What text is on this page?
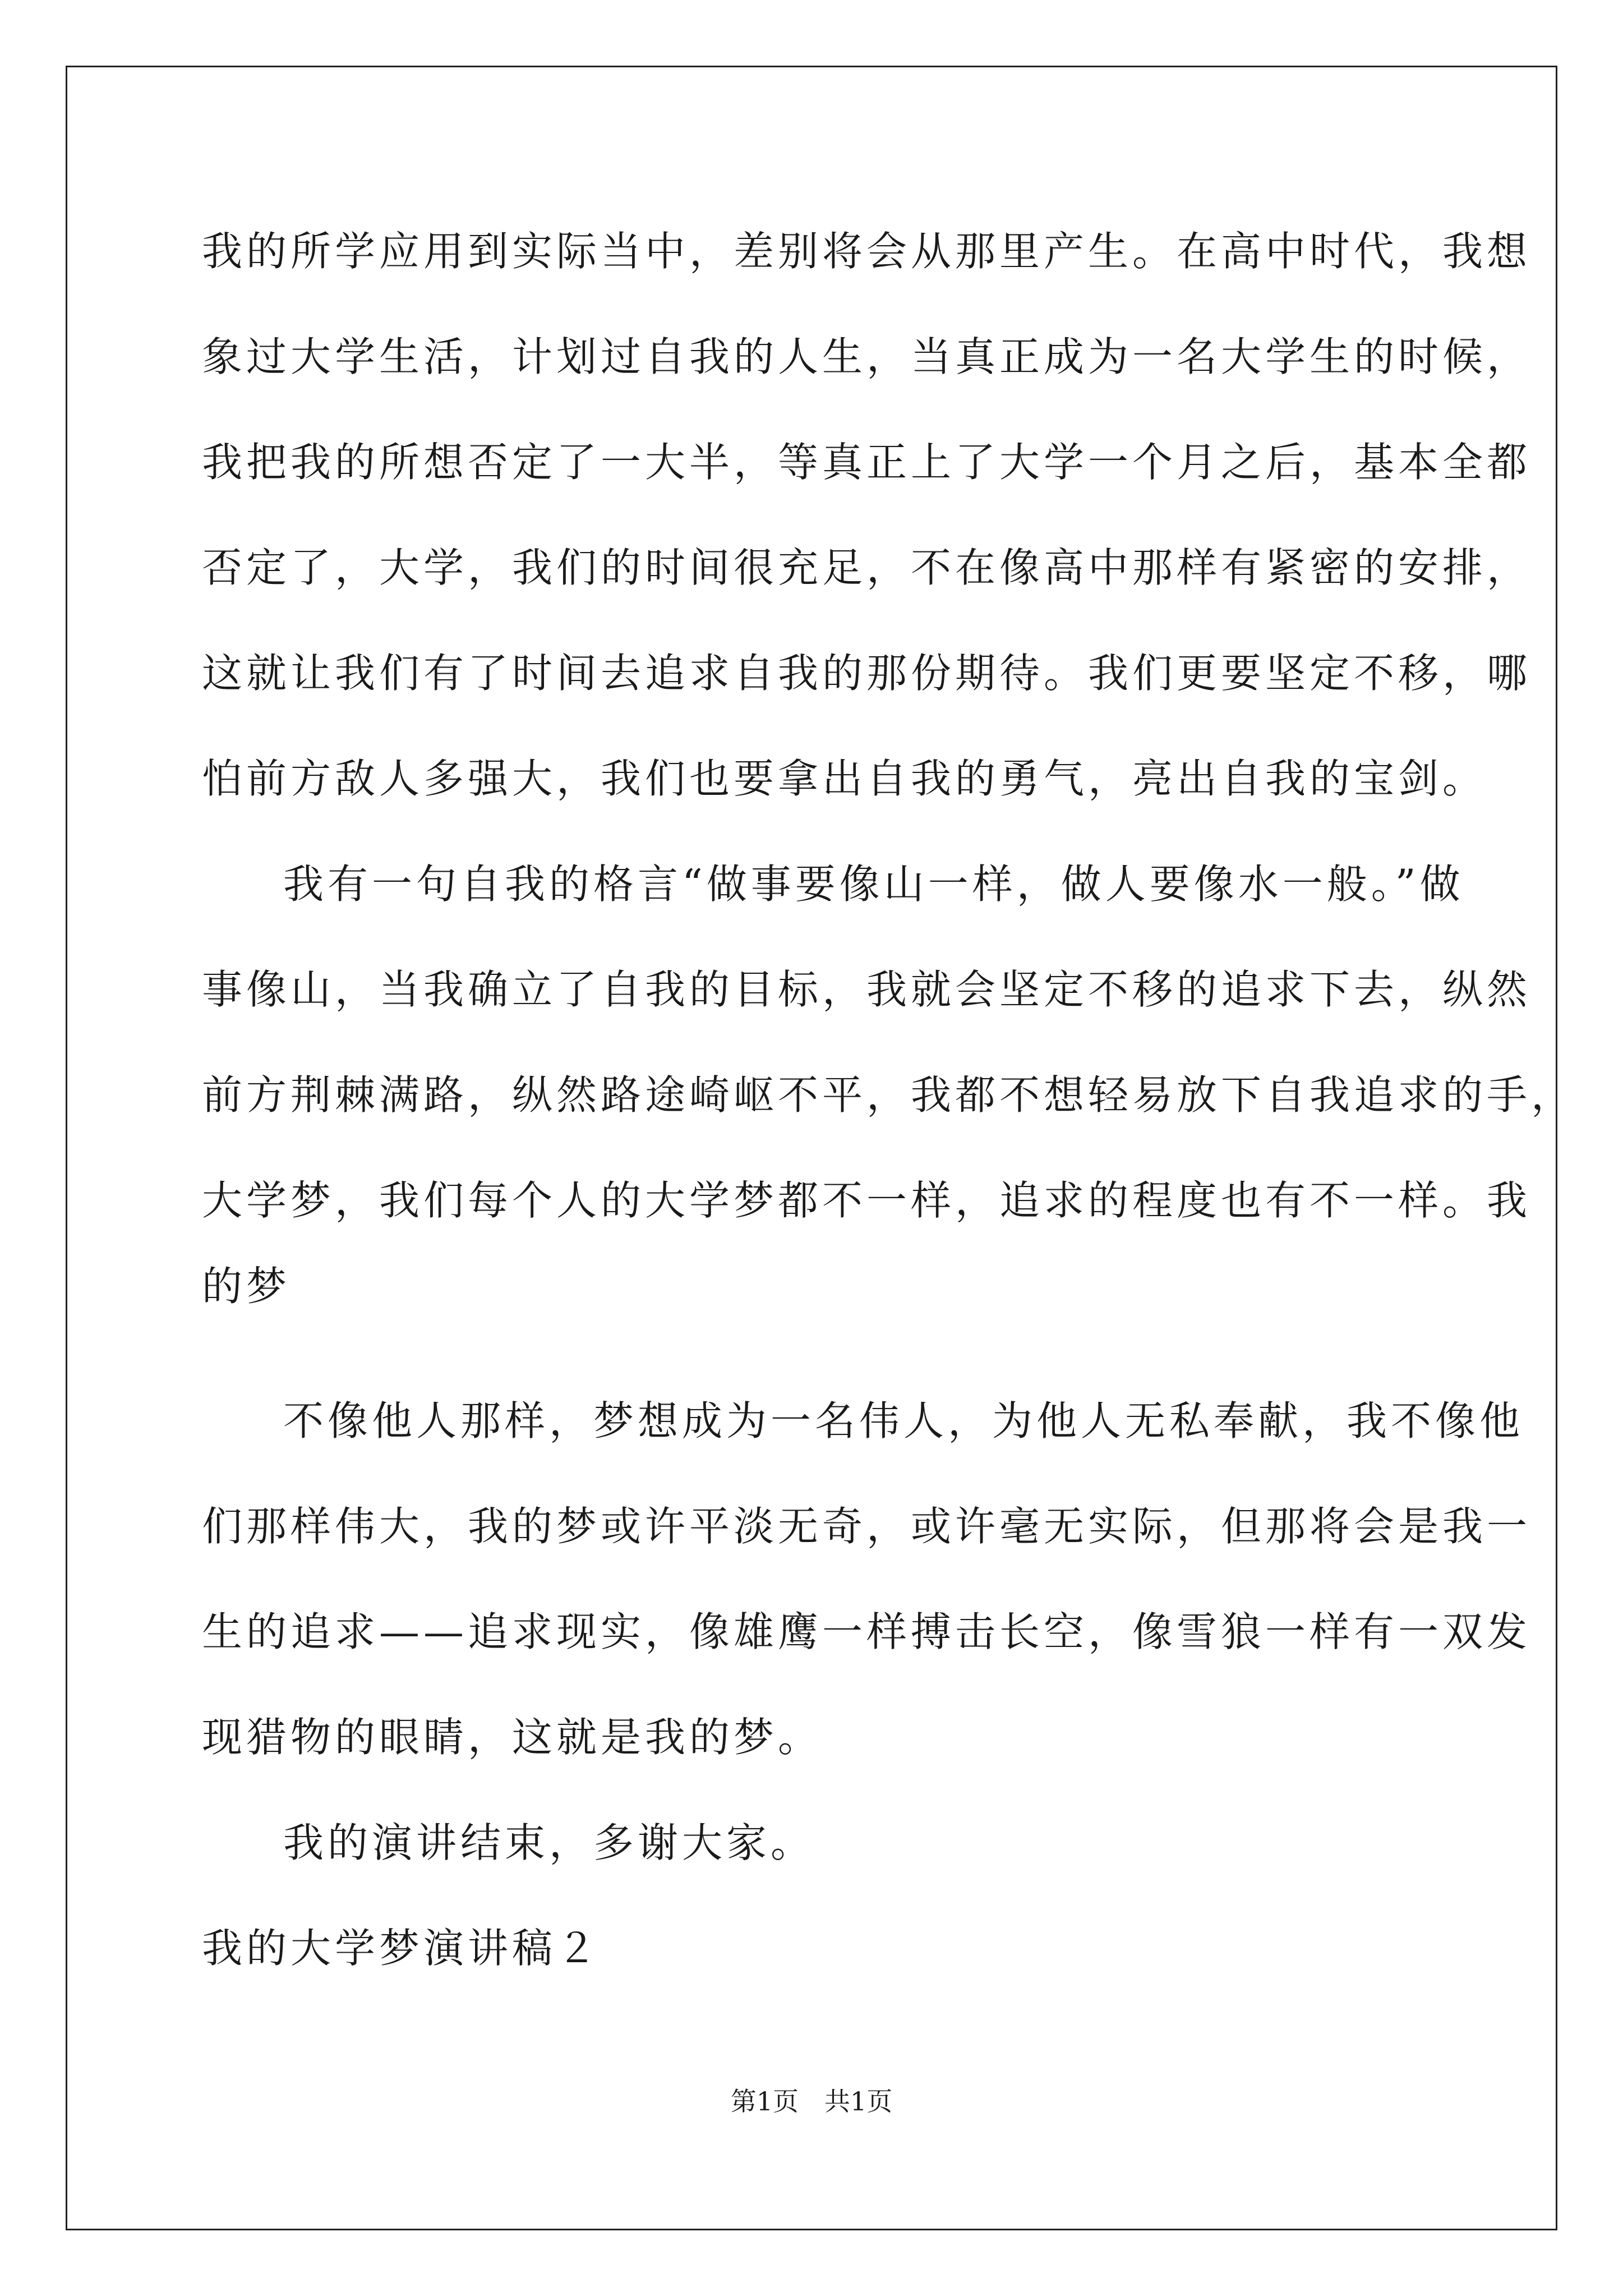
我的所学应用到实际当中，差别将会从那里产生。在高中时代，我想
象过大学生活，计划过自我的人生，当真正成为一名大学生的时候，
我把我的所想否定了一大半，等真正上了大学一个月之后，基本全都
否定了，大学，我们的时间很充足，不在像高中那样有紧密的安排，
这就让我们有了时间去追求自我的那份期待。我们更要坚定不移，哪
怕前方敌人多强大，我们也要拿出自我的勇气，亮出自我的宝剑。
我有一句自我的格言“做事要像山一样，做人要像水一般。”做
事像山，当我确立了自我的目标，我就会坚定不移的追求下去，纵然
前方荆棘满路，纵然路途崎岖不平，我都不想轻易放下自我追求的手，
大学梦，我们每个人的大学梦都不一样，追求的程度也有不一样。我
的梦
不像他人那样，梦想成为一名伟人，为他人无私奉献，我不像他
们那样伟大，我的梦或许平淡无奇，或许毫无实际，但那将会是我一
生的追求——追求现实，像雄鹰一样搏击长空，像雪狼一样有一双发
现猎物的眼睛，这就是我的梦。
我的演讲结束，多谢大家。
我的大学梦演讲稿２
第1页　共1页
